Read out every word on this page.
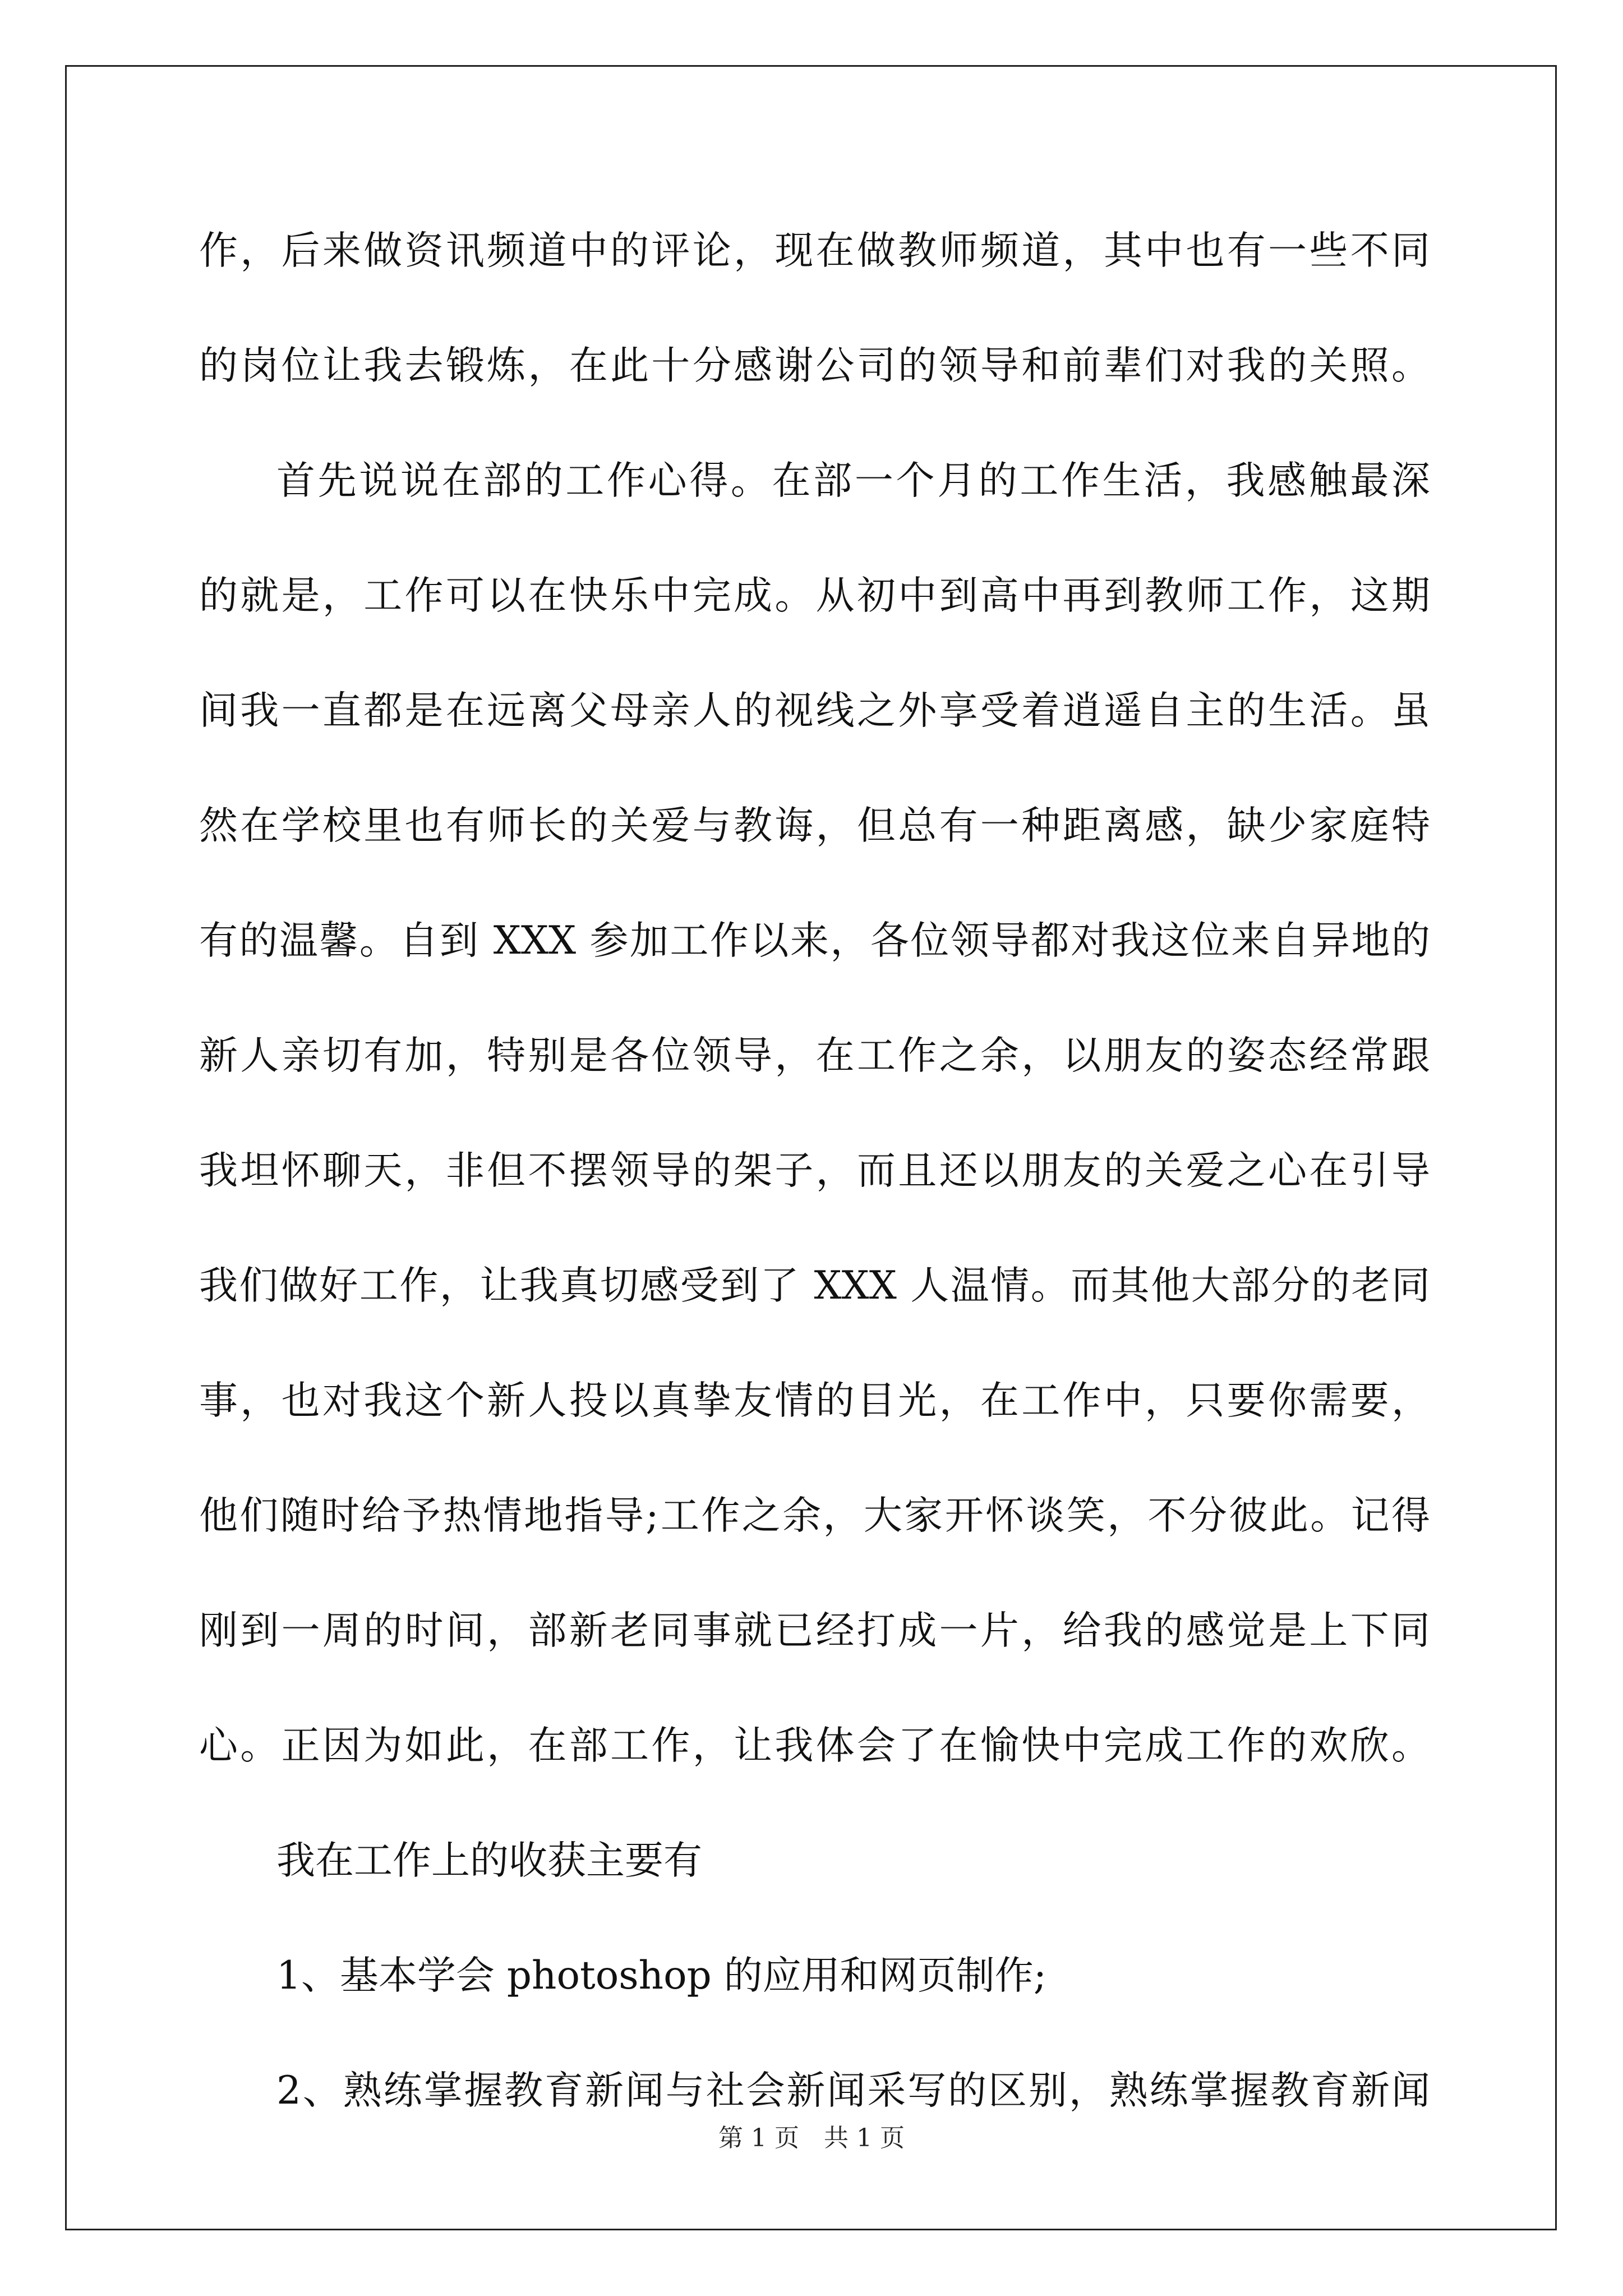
作，后来做资讯频道中的评论，现在做教师频道，其中也有一些不同
的岗位让我去锻炼，在此十分感谢公司的领导和前辈们对我的关照。
首先说说在部的工作心得。在部一个月的工作生活，我感触最深
的就是，工作可以在快乐中完成。从初中到高中再到教师工作，这期
间我一直都是在远离父母亲人的视线之外享受着逍遥自主的生活。虽
然在学校里也有师长的关爱与教诲，但总有一种距离感，缺少家庭特
有的温馨。自到 XXX 参加工作以来，各位领导都对我这位来自异地的
新人亲切有加，特别是各位领导，在工作之余，以朋友的姿态经常跟
我坦怀聊天，非但不摆领导的架子，而且还以朋友的关爱之心在引导
我们做好工作，让我真切感受到了 XXX 人温情。而其他大部分的老同
事，也对我这个新人投以真挚友情的目光，在工作中，只要你需要，
他们随时给予热情地指导;工作之余，大家开怀谈笑，不分彼此。记得
刚到一周的时间，部新老同事就已经打成一片，给我的感觉是上下同
心。正因为如此，在部工作，让我体会了在愉快中完成工作的欢欣。
我在工作上的收获主要有
1、基本学会 photoshop 的应用和网页制作;
2、熟练掌握教育新闻与社会新闻采写的区别，熟练掌握教育新闻
第 1 页　共 1 页
